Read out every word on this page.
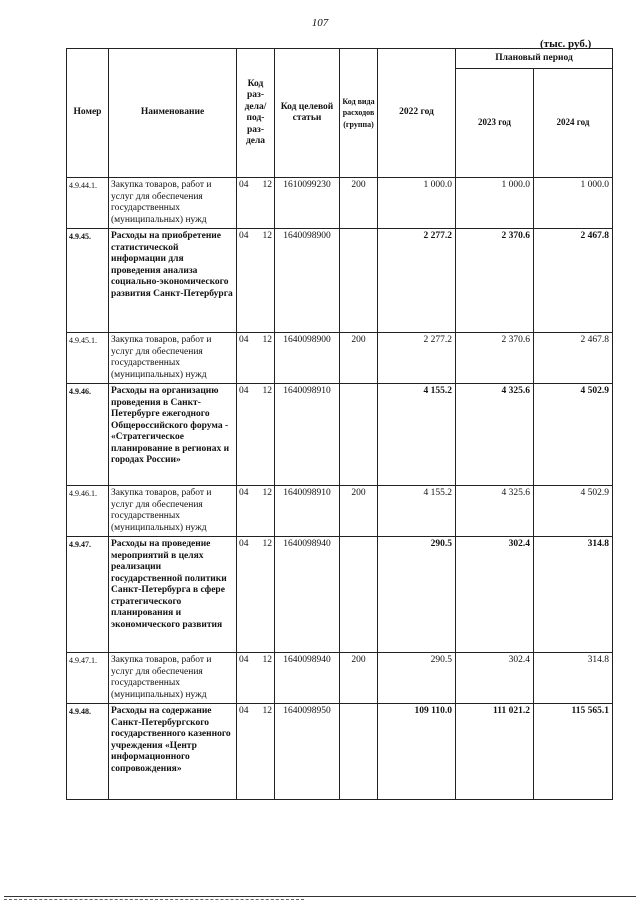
107
(тыс. руб.)
Номер	Наименование	Код раз-дела/ под-раз-дела	Код целевой статьи	Код вида расходов (группа)	2022 год	Плановый период	
						2023 год	2024 год
4.9.44.1.	Закупка товаров, работ и услуг для обеспечения государственных (муниципальных) нужд	04 12	1610099230	200	1 000.0	1 000.0	1 000.0
4.9.45.	Расходы на приобретение статистической информации для проведения анализа социально-экономического развития Санкт-Петербурга	04 12	1640098900		2 277.2	2 370.6	2 467.8
4.9.45.1.	Закупка товаров, работ и услуг для обеспечения государственных (муниципальных) нужд	04 12	1640098900	200	2 277.2	2 370.6	2 467.8
4.9.46.	Расходы на организацию проведения в Санкт-Петербурге ежегодного Общероссийского форума - «Стратегическое планирование в регионах и городах России»	04 12	1640098910		4 155.2	4 325.6	4 502.9
4.9.46.1.	Закупка товаров, работ и услуг для обеспечения государственных (муниципальных) нужд	04 12	1640098910	200	4 155.2	4 325.6	4 502.9
4.9.47.	Расходы на проведение мероприятий в целях реализации государственной политики Санкт-Петербурга в сфере стратегического планирования и экономического развития	04 12	1640098940		290.5	302.4	314.8
4.9.47.1.	Закупка товаров, работ и услуг для обеспечения государственных (муниципальных) нужд	04 12	1640098940	200	290.5	302.4	314.8
4.9.48.	Расходы на содержание Санкт-Петербургского государственного казенного учреждения «Центр информационного сопровождения»	04 12	1640098950		109 110.0	111 021.2	115 565.1
